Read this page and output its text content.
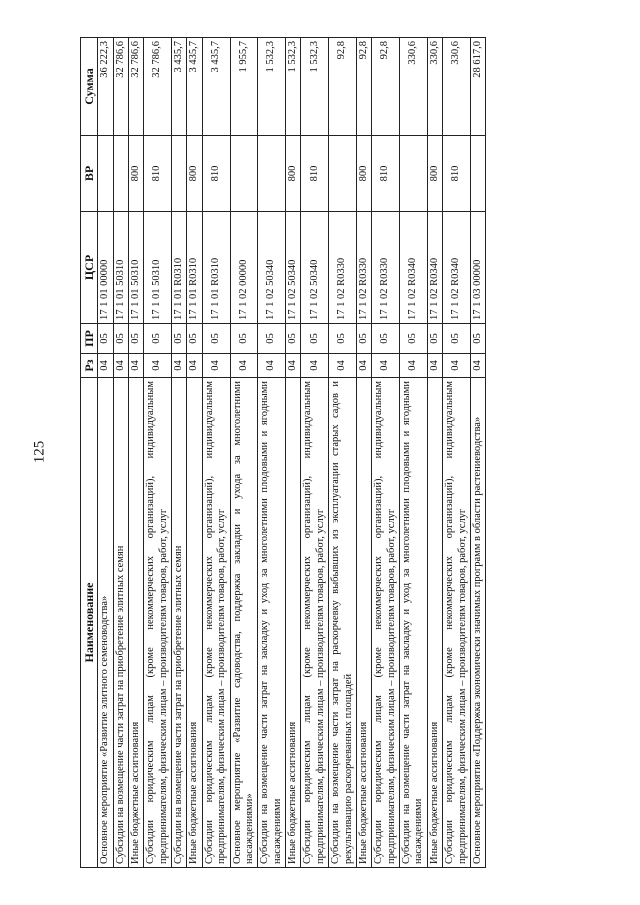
125
Наименование	Рз	ПР	ЦСР	ВР	Сумма
Основное мероприятие «Развитие элитного семеноводства»	04	05	17 1 01 00000		36 222,3
Субсидии на возмещение части затрат на приобретение элитных семян	04	05	17 1 01 50310		32 786,6
Иные бюджетные ассигнования	04	05	17 1 01 50310	800	32 786,6
Субсидии юридическим лицам (кроме некоммерческих организаций), индивидуальным предпринимателям, физическим лицам – производителям товаров, работ, услуг	04	05	17 1 01 50310	810	32 786,6
Субсидии на возмещение части затрат на приобретение элитных семян	04	05	17 1 01 R0310		3 435,7
Иные бюджетные ассигнования	04	05	17 1 01 R0310	800	3 435,7
Субсидии юридическим лицам (кроме некоммерческих организаций), индивидуальным предпринимателям, физическим лицам – производителям товаров, работ, услуг	04	05	17 1 01 R0310	810	3 435,7
Основное мероприятие «Развитие садоводства, поддержка закладки и ухода за многолетними насаждениями»	04	05	17 1 02 00000		1 955,7
Субсидии на возмещение части затрат на закладку и уход за многолетними плодовыми и ягодными насаждениями	04	05	17 1 02 50340		1 532,3
Иные бюджетные ассигнования	04	05	17 1 02 50340	800	1 532,3
Субсидии юридическим лицам (кроме некоммерческих организаций), индивидуальным предпринимателям, физическим лицам – производителям товаров, работ, услуг	04	05	17 1 02 50340	810	1 532,3
Субсидии на возмещение части затрат на раскорчевку выбывших из эксплуатации старых садов и рекультивацию раскорчеванных площадей	04	05	17 1 02 R0330		92,8
Иные бюджетные ассигнования	04	05	17 1 02 R0330	800	92,8
Субсидии юридическим лицам (кроме некоммерческих организаций), индивидуальным предпринимателям, физическим лицам – производителям товаров, работ, услуг	04	05	17 1 02 R0330	810	92,8
Субсидии на возмещение части затрат на закладку и уход за многолетними плодовыми и ягодными насаждениями	04	05	17 1 02 R0340		330,6
Иные бюджетные ассигнования	04	05	17 1 02 R0340	800	330,6
Субсидии юридическим лицам (кроме некоммерческих организаций), индивидуальным предпринимателям, физическим лицам – производителям товаров, работ, услуг	04	05	17 1 02 R0340	810	330,6
Основное мероприятие «Поддержка экономически значимых программ в области растениеводства»	04	05	17 1 03 00000		28 617,0
